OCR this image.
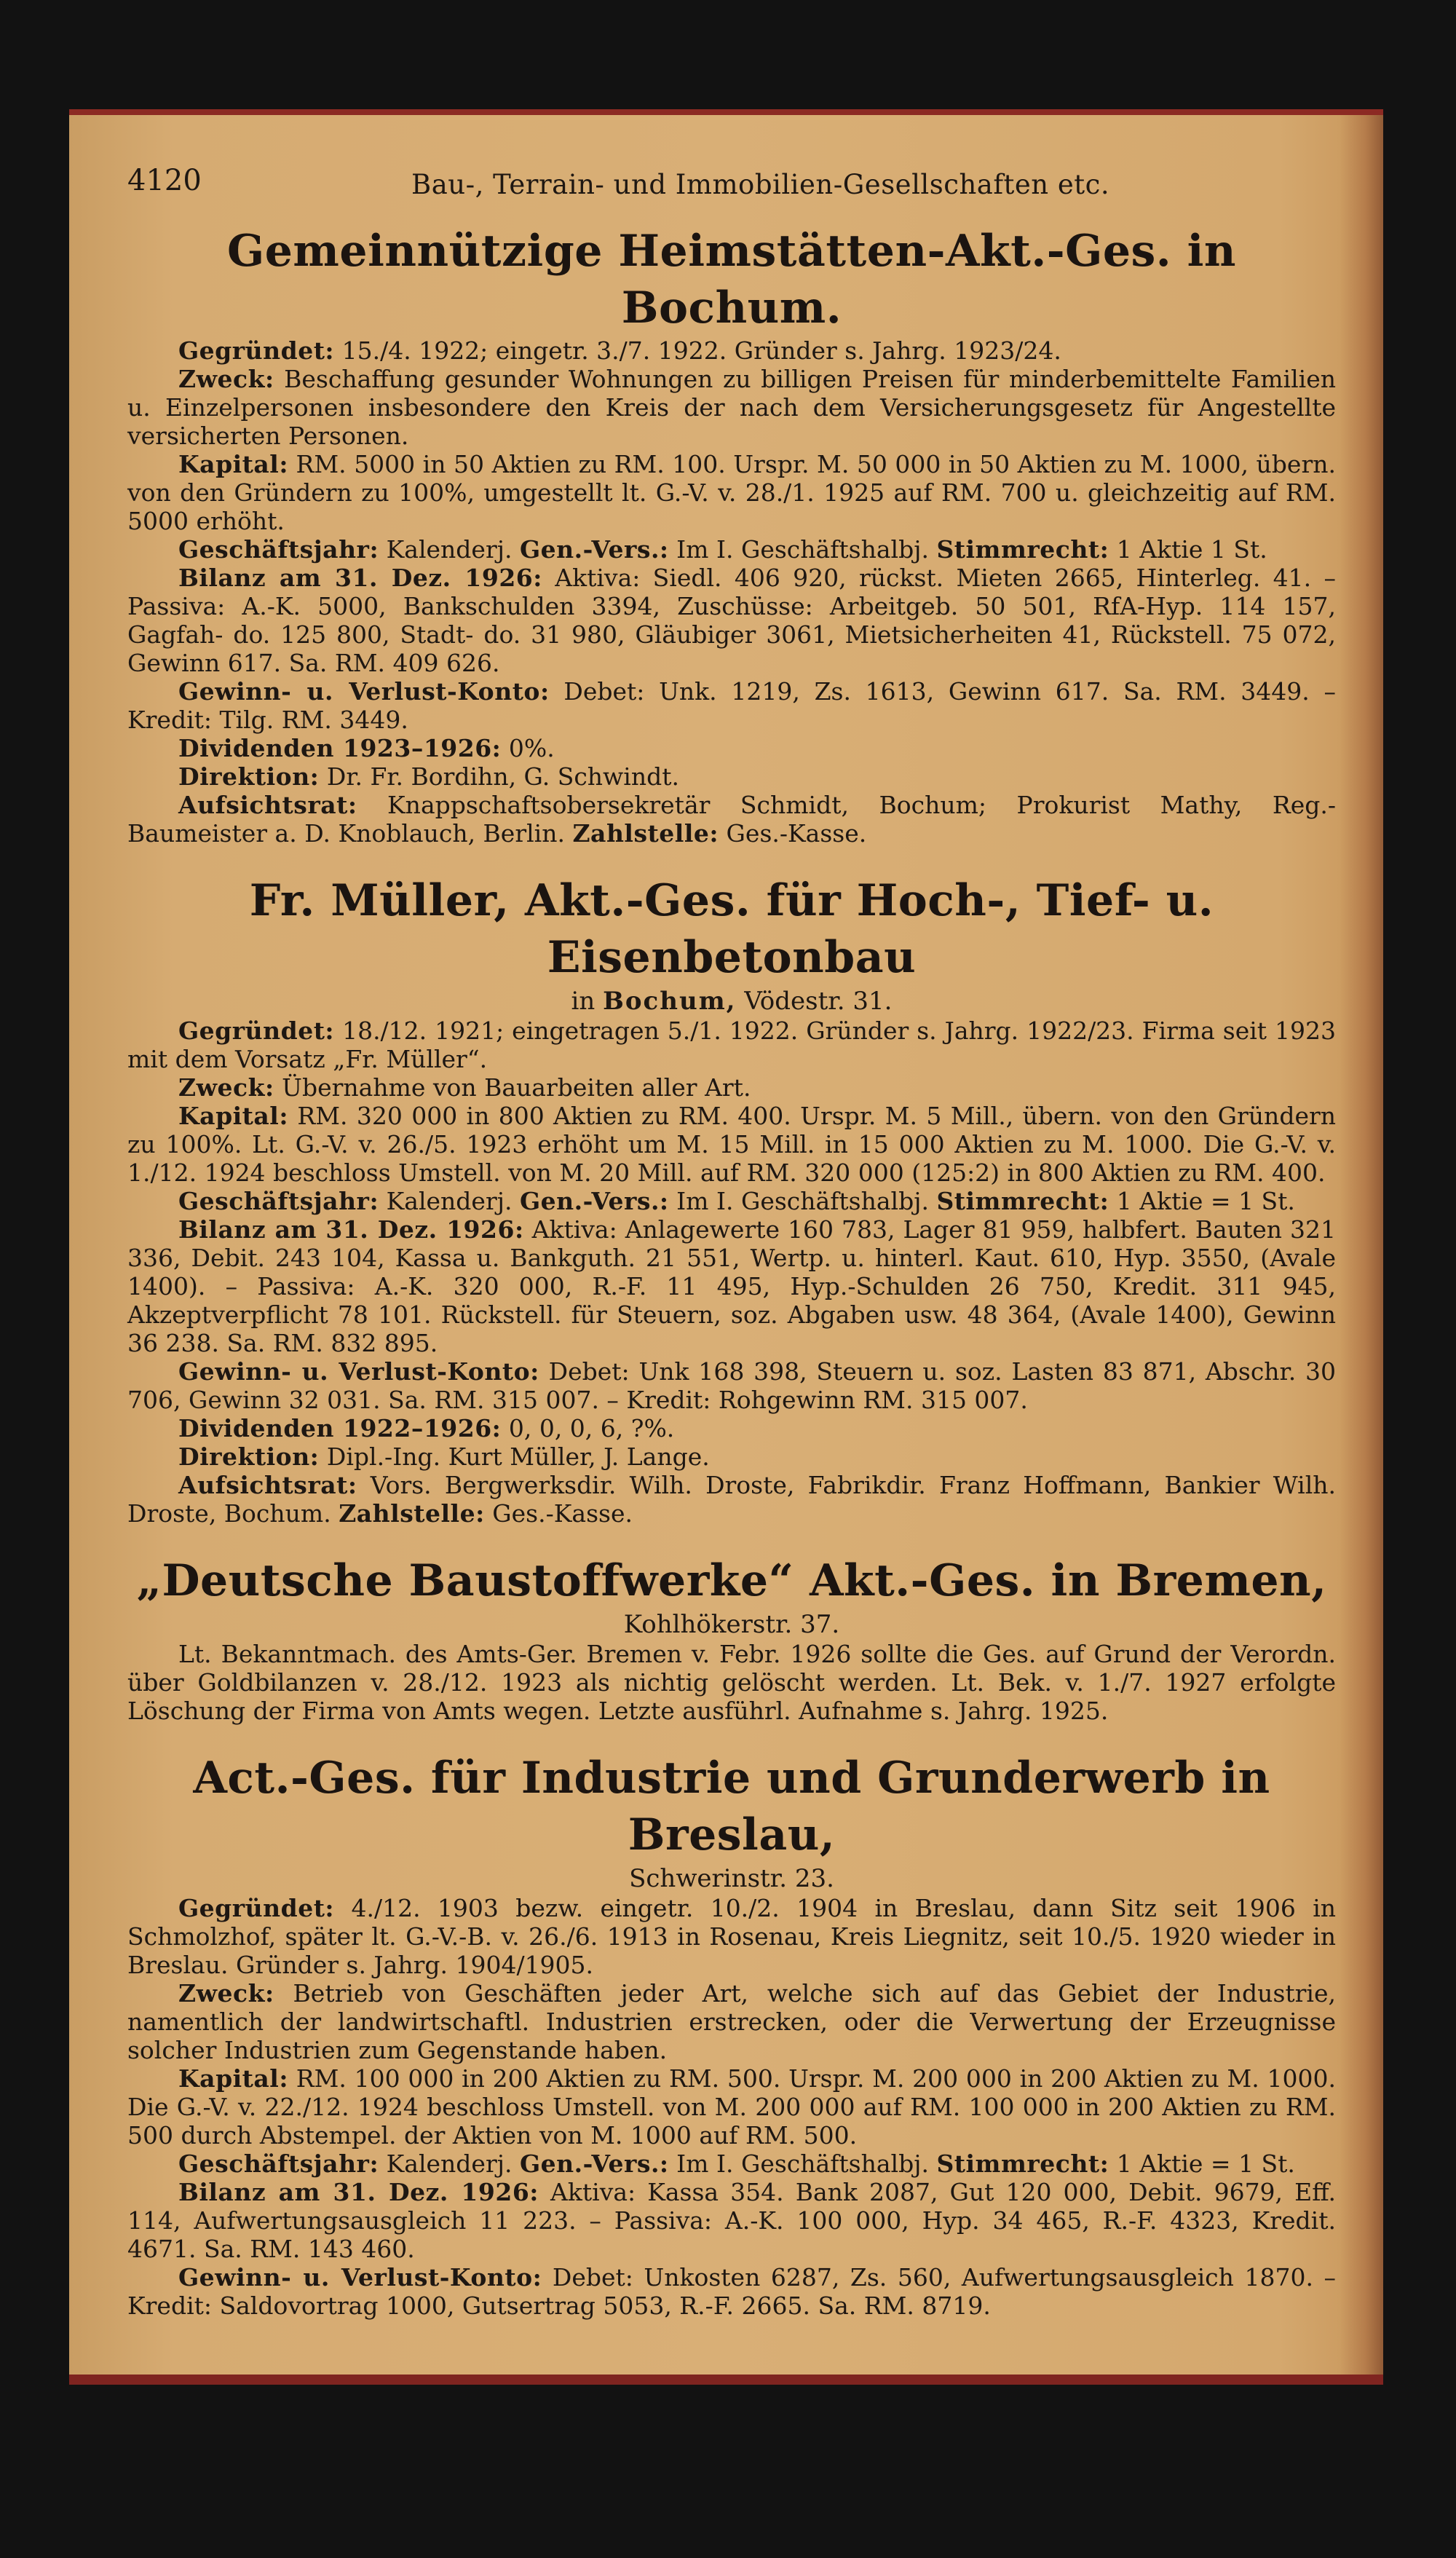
4120	Bau-, Terrain- und Immobilien-Gesellschaften etc.
Gemeinnützige Heimstätten-Akt.-Ges. in Bochum.

Gegründet: 15./4. 1922; eingetr. 3./7. 1922. Gründer s. Jahrg. 1923/24.

Zweck: Beschaffung gesunder Wohnungen zu billigen Preisen für minderbemittelte Familien u. Einzelpersonen insbesondere den Kreis der nach dem Versicherungsgesetz für Angestellte versicherten Personen.

Kapital: RM. 5000 in 50 Aktien zu RM. 100. Urspr. M. 50 000 in 50 Aktien zu M. 1000, übern. von den Gründern zu 100%, umgestellt lt. G.-V. v. 28./1. 1925 auf RM. 700 u. gleichzeitig auf RM. 5000 erhöht.

Geschäftsjahr: Kalenderj. Gen.-Vers.: Im I. Geschäftshalbj. Stimmrecht: 1 Aktie 1 St.

Bilanz am 31. Dez. 1926: Aktiva: Siedl. 406 920, rückst. Mieten 2665, Hinterleg. 41. – Passiva: A.-K. 5000, Bankschulden 3394, Zuschüsse: Arbeitgeb. 50 501, RfA-Hyp. 114 157, Gagfah- do. 125 800, Stadt- do. 31 980, Gläubiger 3061, Mietsicherheiten 41, Rückstell. 75 072, Gewinn 617. Sa. RM. 409 626.

Gewinn- u. Verlust-Konto: Debet: Unk. 1219, Zs. 1613, Gewinn 617. Sa. RM. 3449. – Kredit: Tilg. RM. 3449.

Dividenden 1923–1926: 0%.

Direktion: Dr. Fr. Bordihn, G. Schwindt.

Aufsichtsrat: Knappschaftsobersekretär Schmidt, Bochum; Prokurist Mathy, Reg.-Baumeister a. D. Knoblauch, Berlin. Zahlstelle: Ges.-Kasse.

Fr. Müller, Akt.-Ges. für Hoch-, Tief- u. Eisenbetonbau
in Bochum, Vödestr. 31.

Gegründet: 18./12. 1921; eingetragen 5./1. 1922. Gründer s. Jahrg. 1922/23. Firma seit 1923 mit dem Vorsatz „Fr. Müller“.

Zweck: Übernahme von Bauarbeiten aller Art.

Kapital: RM. 320 000 in 800 Aktien zu RM. 400. Urspr. M. 5 Mill., übern. von den Gründern zu 100%. Lt. G.-V. v. 26./5. 1923 erhöht um M. 15 Mill. in 15 000 Aktien zu M. 1000. Die G.-V. v. 1./12. 1924 beschloss Umstell. von M. 20 Mill. auf RM. 320 000 (125:2) in 800 Aktien zu RM. 400.

Geschäftsjahr: Kalenderj. Gen.-Vers.: Im I. Geschäftshalbj. Stimmrecht: 1 Aktie = 1 St.

Bilanz am 31. Dez. 1926: Aktiva: Anlagewerte 160 783, Lager 81 959, halbfert. Bauten 321 336, Debit. 243 104, Kassa u. Bankguth. 21 551, Wertp. u. hinterl. Kaut. 610, Hyp. 3550, (Avale 1400). – Passiva: A.-K. 320 000, R.-F. 11 495, Hyp.-Schulden 26 750, Kredit. 311 945, Akzeptverpflicht 78 101. Rückstell. für Steuern, soz. Abgaben usw. 48 364, (Avale 1400), Gewinn 36 238. Sa. RM. 832 895.

Gewinn- u. Verlust-Konto: Debet: Unk 168 398, Steuern u. soz. Lasten 83 871, Abschr. 30 706, Gewinn 32 031. Sa. RM. 315 007. – Kredit: Rohgewinn RM. 315 007.

Dividenden 1922–1926: 0, 0, 0, 6, ?%.

Direktion: Dipl.-Ing. Kurt Müller, J. Lange.

Aufsichtsrat: Vors. Bergwerksdir. Wilh. Droste, Fabrikdir. Franz Hoffmann, Bankier Wilh. Droste, Bochum. Zahlstelle: Ges.-Kasse.

„Deutsche Baustoffwerke“ Akt.-Ges. in Bremen,
Kohlhökerstr. 37.

Lt. Bekanntmach. des Amts-Ger. Bremen v. Febr. 1926 sollte die Ges. auf Grund der Verordn. über Goldbilanzen v. 28./12. 1923 als nichtig gelöscht werden. Lt. Bek. v. 1./7. 1927 erfolgte Löschung der Firma von Amts wegen. Letzte ausführl. Aufnahme s. Jahrg. 1925.

Act.-Ges. für Industrie und Grunderwerb in Breslau,
Schwerinstr. 23.

Gegründet: 4./12. 1903 bezw. eingetr. 10./2. 1904 in Breslau, dann Sitz seit 1906 in Schmolzhof, später lt. G.-V.-B. v. 26./6. 1913 in Rosenau, Kreis Liegnitz, seit 10./5. 1920 wieder in Breslau. Gründer s. Jahrg. 1904/1905.

Zweck: Betrieb von Geschäften jeder Art, welche sich auf das Gebiet der Industrie, namentlich der landwirtschaftl. Industrien erstrecken, oder die Verwertung der Erzeugnisse solcher Industrien zum Gegenstande haben.

Kapital: RM. 100 000 in 200 Aktien zu RM. 500. Urspr. M. 200 000 in 200 Aktien zu M. 1000. Die G.-V. v. 22./12. 1924 beschloss Umstell. von M. 200 000 auf RM. 100 000 in 200 Aktien zu RM. 500 durch Abstempel. der Aktien von M. 1000 auf RM. 500.

Geschäftsjahr: Kalenderj. Gen.-Vers.: Im I. Geschäftshalbj. Stimmrecht: 1 Aktie = 1 St.

Bilanz am 31. Dez. 1926: Aktiva: Kassa 354. Bank 2087, Gut 120 000, Debit. 9679, Eff. 114, Aufwertungsausgleich 11 223. – Passiva: A.-K. 100 000, Hyp. 34 465, R.-F. 4323, Kredit. 4671. Sa. RM. 143 460.

Gewinn- u. Verlust-Konto: Debet: Unkosten 6287, Zs. 560, Aufwertungsausgleich 1870. – Kredit: Saldovortrag 1000, Gutsertrag 5053, R.-F. 2665. Sa. RM. 8719.
